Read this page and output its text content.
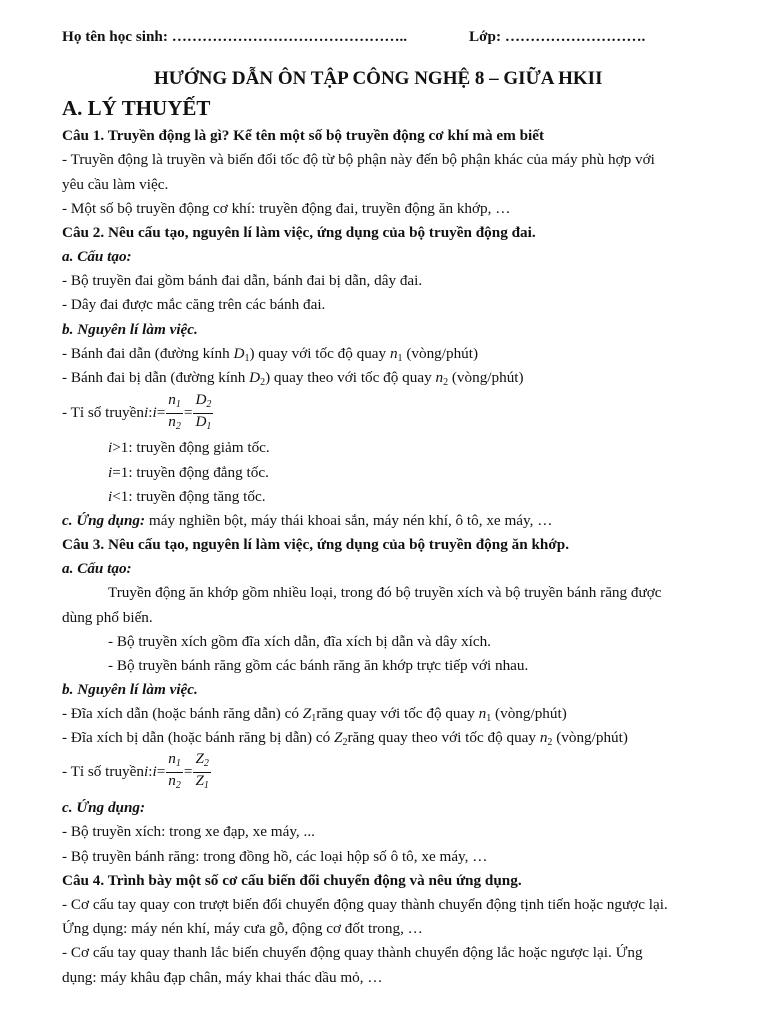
Họ tên học sinh: ………………………………………..	Lớp: ……………………….
HƯỚNG DẪN ÔN TẬP CÔNG NGHỆ 8 – GIỮA HKII
A. LÝ THUYẾT
Câu 1. Truyền động là gì? Kể tên một số bộ truyền động cơ khí mà em biết
- Truyền động là truyền và biến đổi tốc độ từ bộ phận này đến bộ phận khác của máy phù hợp với
yêu cầu làm việc.
- Một số bộ truyền động cơ khí: truyền động đai, truyền động ăn khớp, …
Câu 2. Nêu cấu tạo, nguyên lí làm việc, ứng dụng của bộ truyền động đai.
a. Cấu tạo:
- Bộ truyền đai gồm bánh đai dẫn, bánh đai bị dẫn, dây đai.
- Dây đai được mắc căng trên các bánh đai.
b. Nguyên lí làm việc.
- Bánh đai dẫn (đường kính $D_1$) quay với tốc độ quay $n_1$ (vòng/phút)
- Bánh đai bị dẫn (đường kính $D_2$) quay theo với tốc độ quay $n_2$ (vòng/phút)
- Tỉ số truyền i : $i = \frac{n_1}{n_2} = \frac{D_2}{D_1}$
i>1: truyền động giảm tốc.
i=1: truyền động đẳng tốc.
i<1: truyền động tăng tốc.
c. Ứng dụng: máy nghiền bột, máy thái khoai sắn, máy nén khí, ô tô, xe máy, …
Câu 3. Nêu cấu tạo, nguyên lí làm việc, ứng dụng của bộ truyền động ăn khớp.
a. Cấu tạo:
Truyền động ăn khớp gồm nhiều loại, trong đó bộ truyền xích và bộ truyền bánh răng được
dùng phổ biến.
- Bộ truyền xích gồm đĩa xích dẫn, đĩa xích bị dẫn và dây xích.
- Bộ truyền bánh răng gồm các bánh răng ăn khớp trực tiếp với nhau.
b. Nguyên lí làm việc.
- Đĩa xích dẫn (hoặc bánh răng dẫn) có $Z_1răng$ quay với tốc độ quay $n_1$ (vòng/phút)
- Đĩa xích bị dẫn (hoặc bánh răng bị dẫn) có $Z_2răng$ quay theo với tốc độ quay $n_2$ (vòng/phút)
- Tỉ số truyền i : $i = \frac{n_1}{n_2} = \frac{Z_2}{Z_1}$
c. Ứng dụng:
- Bộ truyền xích: trong xe đạp, xe máy, ...
- Bộ truyền bánh răng: trong đồng hồ, các loại hộp số ô tô, xe máy, …
Câu 4. Trình bày một số cơ cấu biến đổi chuyển động và nêu ứng dụng.
- Cơ cấu tay quay con trượt biến đổi chuyển động quay thành chuyển động tịnh tiến hoặc ngược lại.
Ứng dụng: máy nén khí, máy cưa gỗ, động cơ đốt trong, …
- Cơ cấu tay quay thanh lắc biến chuyển động quay thành chuyển động lắc hoặc ngược lại. Ứng
dụng: máy khâu đạp chân, máy khai thác dầu mỏ, …
